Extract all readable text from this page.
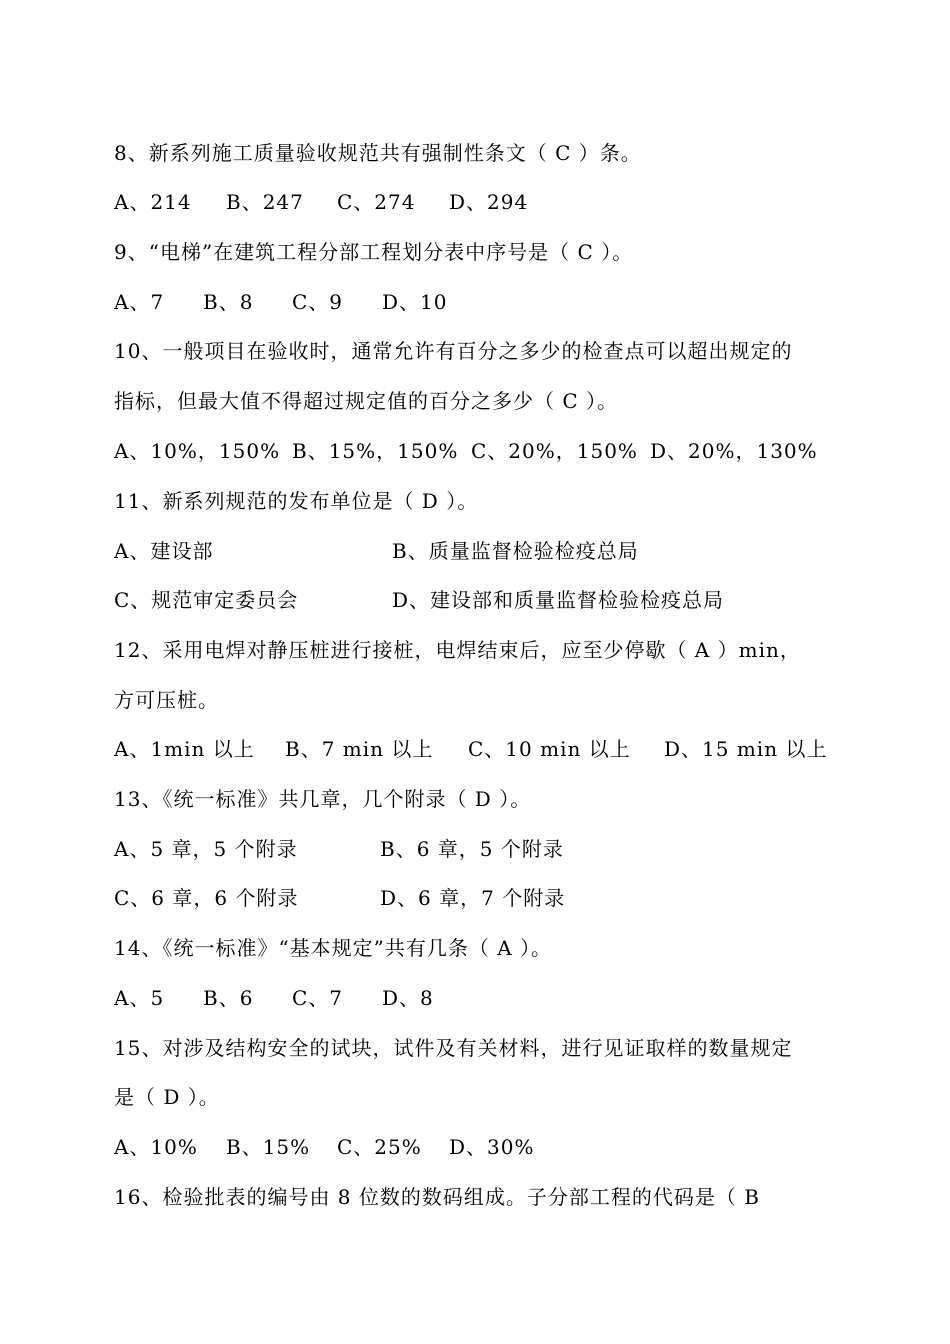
8、新系列施工质量验收规范共有强制性条文（ C ）条。
A、214 B、247 C、274 D、294
9、“电梯”在建筑工程分部工程划分表中序号是（ C ）。
A、7 B、8 C、9 D、10
10、一般项目在验收时，通常允许有百分之多少的检查点可以超出规定的
指标，但最大值不得超过规定值的百分之多少（ C ）。
A、10%，150% B、15%，150% C、20%，150% D、20%，130%
11、新系列规范的发布单位是（ D ）。
A、建设部	B、质量监督检验检疫总局
C、规范审定委员会	D、建设部和质量监督检验检疫总局
12、采用电焊对静压桩进行接桩，电焊结束后，应至少停歇（ A ）min，
方可压桩。
A、1min 以上 B、7 min 以上 C、10 min 以上 D、15 min 以上
13、《统一标准》共几章，几个附录（ D ）。
A、5 章，5 个附录	B、6 章，5 个附录
C、6 章，6 个附录	D、6 章，7 个附录
14、《统一标准》“基本规定”共有几条（ A ）。
A、5 B、6 C、7 D、8
15、对涉及结构安全的试块，试件及有关材料，进行见证取样的数量规定
是（ D ）。
A、10% B、15% C、25% D、30%
16、检验批表的编号由 8 位数的数码组成。子分部工程的代码是（ B
